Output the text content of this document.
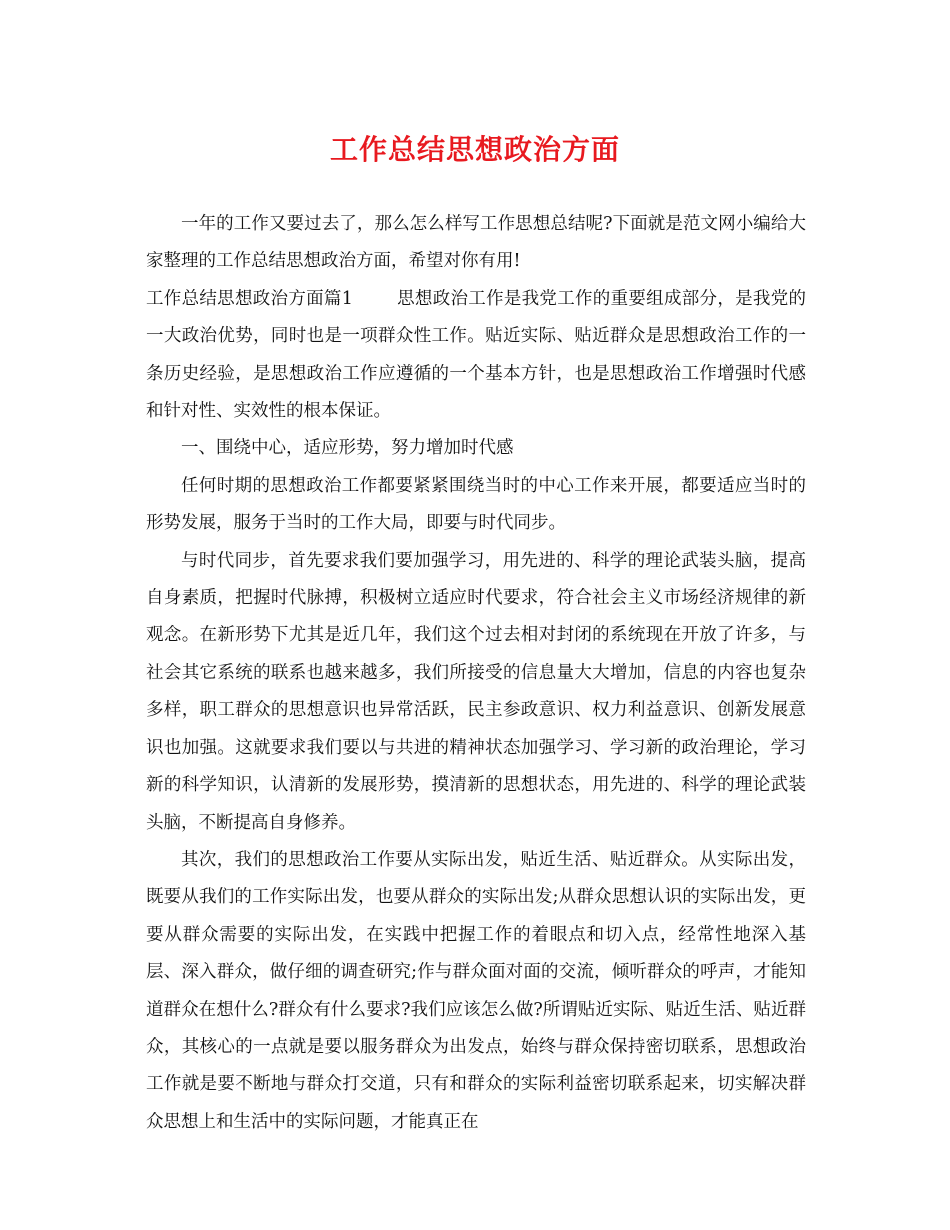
工作总结思想政治方面

一年的工作又要过去了，那么怎么样写工作思想总结呢?下面就是范文网小编给大家整理的工作总结思想政治方面，希望对你有用!

工作总结思想政治方面篇1	思想政治工作是我党工作的重要组成部分，是我党的一大政治优势，同时也是一项群众性工作。贴近实际、贴近群众是思想政治工作的一条历史经验，是思想政治工作应遵循的一个基本方针，也是思想政治工作增强时代感和针对性、实效性的根本保证。

一、围绕中心，适应形势，努力增加时代感

任何时期的思想政治工作都要紧紧围绕当时的中心工作来开展，都要适应当时的形势发展，服务于当时的工作大局，即要与时代同步。

与时代同步，首先要求我们要加强学习，用先进的、科学的理论武装头脑，提高自身素质，把握时代脉搏，积极树立适应时代要求，符合社会主义市场经济规律的新观念。在新形势下尤其是近几年，我们这个过去相对封闭的系统现在开放了许多，与社会其它系统的联系也越来越多，我们所接受的信息量大大增加，信息的内容也复杂多样，职工群众的思想意识也异常活跃，民主参政意识、权力利益意识、创新发展意识也加强。这就要求我们要以与共进的精神状态加强学习、学习新的政治理论，学习新的科学知识，认清新的发展形势，摸清新的思想状态，用先进的、科学的理论武装头脑，不断提高自身修养。

其次，我们的思想政治工作要从实际出发，贴近生活、贴近群众。从实际出发，既要从我们的工作实际出发，也要从群众的实际出发;从群众思想认识的实际出发，更要从群众需要的实际出发，在实践中把握工作的着眼点和切入点，经常性地深入基层、深入群众，做仔细的调查研究;作与群众面对面的交流，倾听群众的呼声，才能知道群众在想什么?群众有什么要求?我们应该怎么做?所谓贴近实际、贴近生活、贴近群众，其核心的一点就是要以服务群众为出发点，始终与群众保持密切联系，思想政治工作就是要不断地与群众打交道，只有和群众的实际利益密切联系起来，切实解决群众思想上和生活中的实际问题，才能真正在
